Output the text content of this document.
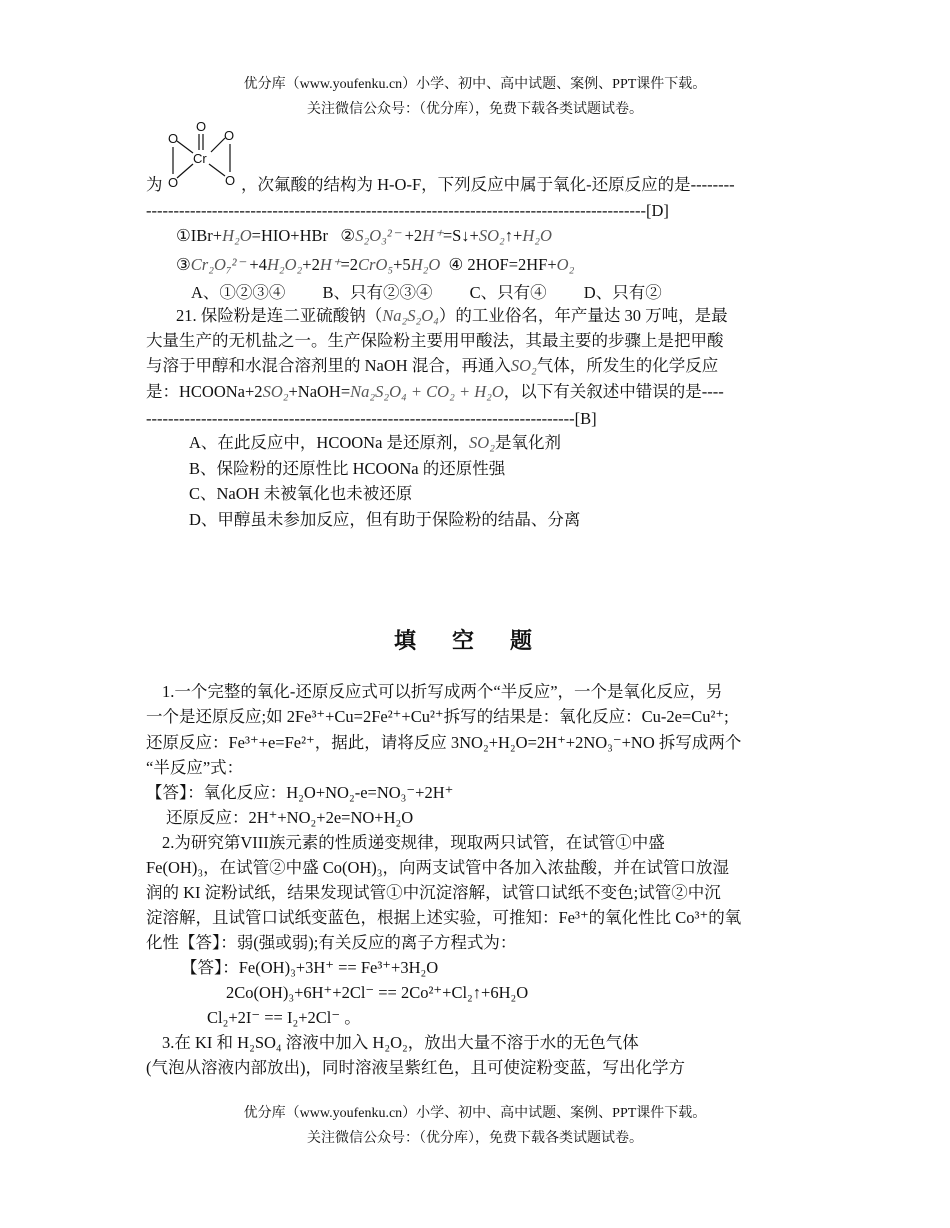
优分库（www.youfenku.cn）小学、初中、高中试题、案例、PPT课件下载。
关注微信公众号：（优分库），免费下载各类试题试卷。
O
O	O
Cr
O	O
为	，次氟酸的结构为 H-O-F，下列反应中属于氧化-还原反应的是--------
-------------------------------------------------------------------------------------------[D]
①IBr+H₂O=HIO+HBr ②S₂O₃²⁻ +2H⁺=S↓+SO₂↑+H₂O
③Cr₂O₇²⁻ +4H₂O₂+2H⁺=2CrO₅+5H₂O ④ 2HOF=2HF+O₂
A、①②③④　　 B、只有②③④　　 C、只有④　　 D、只有②
21. 保险粉是连二亚硫酸钠（Na₂S₂O₄）的工业俗名，年产量达 30 万吨，是最
大量生产的无机盐之一。生产保险粉主要用甲酸法，其最主要的步骤上是把甲酸
与溶于甲醇和水混合溶剂里的 NaOH 混合，再通入SO₂气体，所发生的化学反应
是：HCOONa+2SO₂+NaOH=Na₂S₂O₄ + CO₂ + H₂O，以下有关叙述中错误的是----
------------------------------------------------------------------------------[B]
A、在此反应中，HCOONa 是还原剂，SO₂是氧化剂
B、保险粉的还原性比 HCOONa 的还原性强
C、NaOH 未被氧化也未被还原
D、甲醇虽未参加反应，但有助于保险粉的结晶、分离
填空题
1.一个完整的氧化-还原反应式可以折写成两个“半反应”，一个是氧化反应，另
一个是还原反应;如 2Fe³⁺+Cu=2Fe²⁺+Cu²⁺拆写的结果是：氧化反应：Cu-2e=Cu²⁺;
还原反应：Fe³⁺+e=Fe²⁺，据此，请将反应 3NO₂+H₂O=2H⁺+2NO₃⁻+NO 拆写成两个
“半反应”式：
【答】：氧化反应：H₂O+NO₂-e=NO₃⁻+2H⁺
还原反应：2H⁺+NO₂+2e=NO+H₂O
2.为研究第VIII族元素的性质递变规律，现取两只试管，在试管①中盛
Fe(OH)₃，在试管②中盛 Co(OH)₃，向两支试管中各加入浓盐酸，并在试管口放湿
润的 KI 淀粉试纸，结果发现试管①中沉淀溶解，试管口试纸不变色;试管②中沉
淀溶解，且试管口试纸变蓝色，根据上述实验，可推知：Fe³⁺的氧化性比 Co³⁺的氧
化性【答】：弱(强或弱);有关反应的离子方程式为：
【答】：Fe(OH)₃+3H⁺ == Fe³⁺+3H₂O
2Co(OH)₃+6H⁺+2Cl⁻ == 2Co²⁺+Cl₂↑+6H₂O
Cl₂+2I⁻ == I₂+2Cl⁻ 。
3.在 KI 和 H₂SO₄ 溶液中加入 H₂O₂，放出大量不溶于水的无色气体
(气泡从溶液内部放出)，同时溶液呈紫红色，且可使淀粉变蓝，写出化学方
优分库（www.youfenku.cn）小学、初中、高中试题、案例、PPT课件下载。
关注微信公众号：（优分库），免费下载各类试题试卷。
